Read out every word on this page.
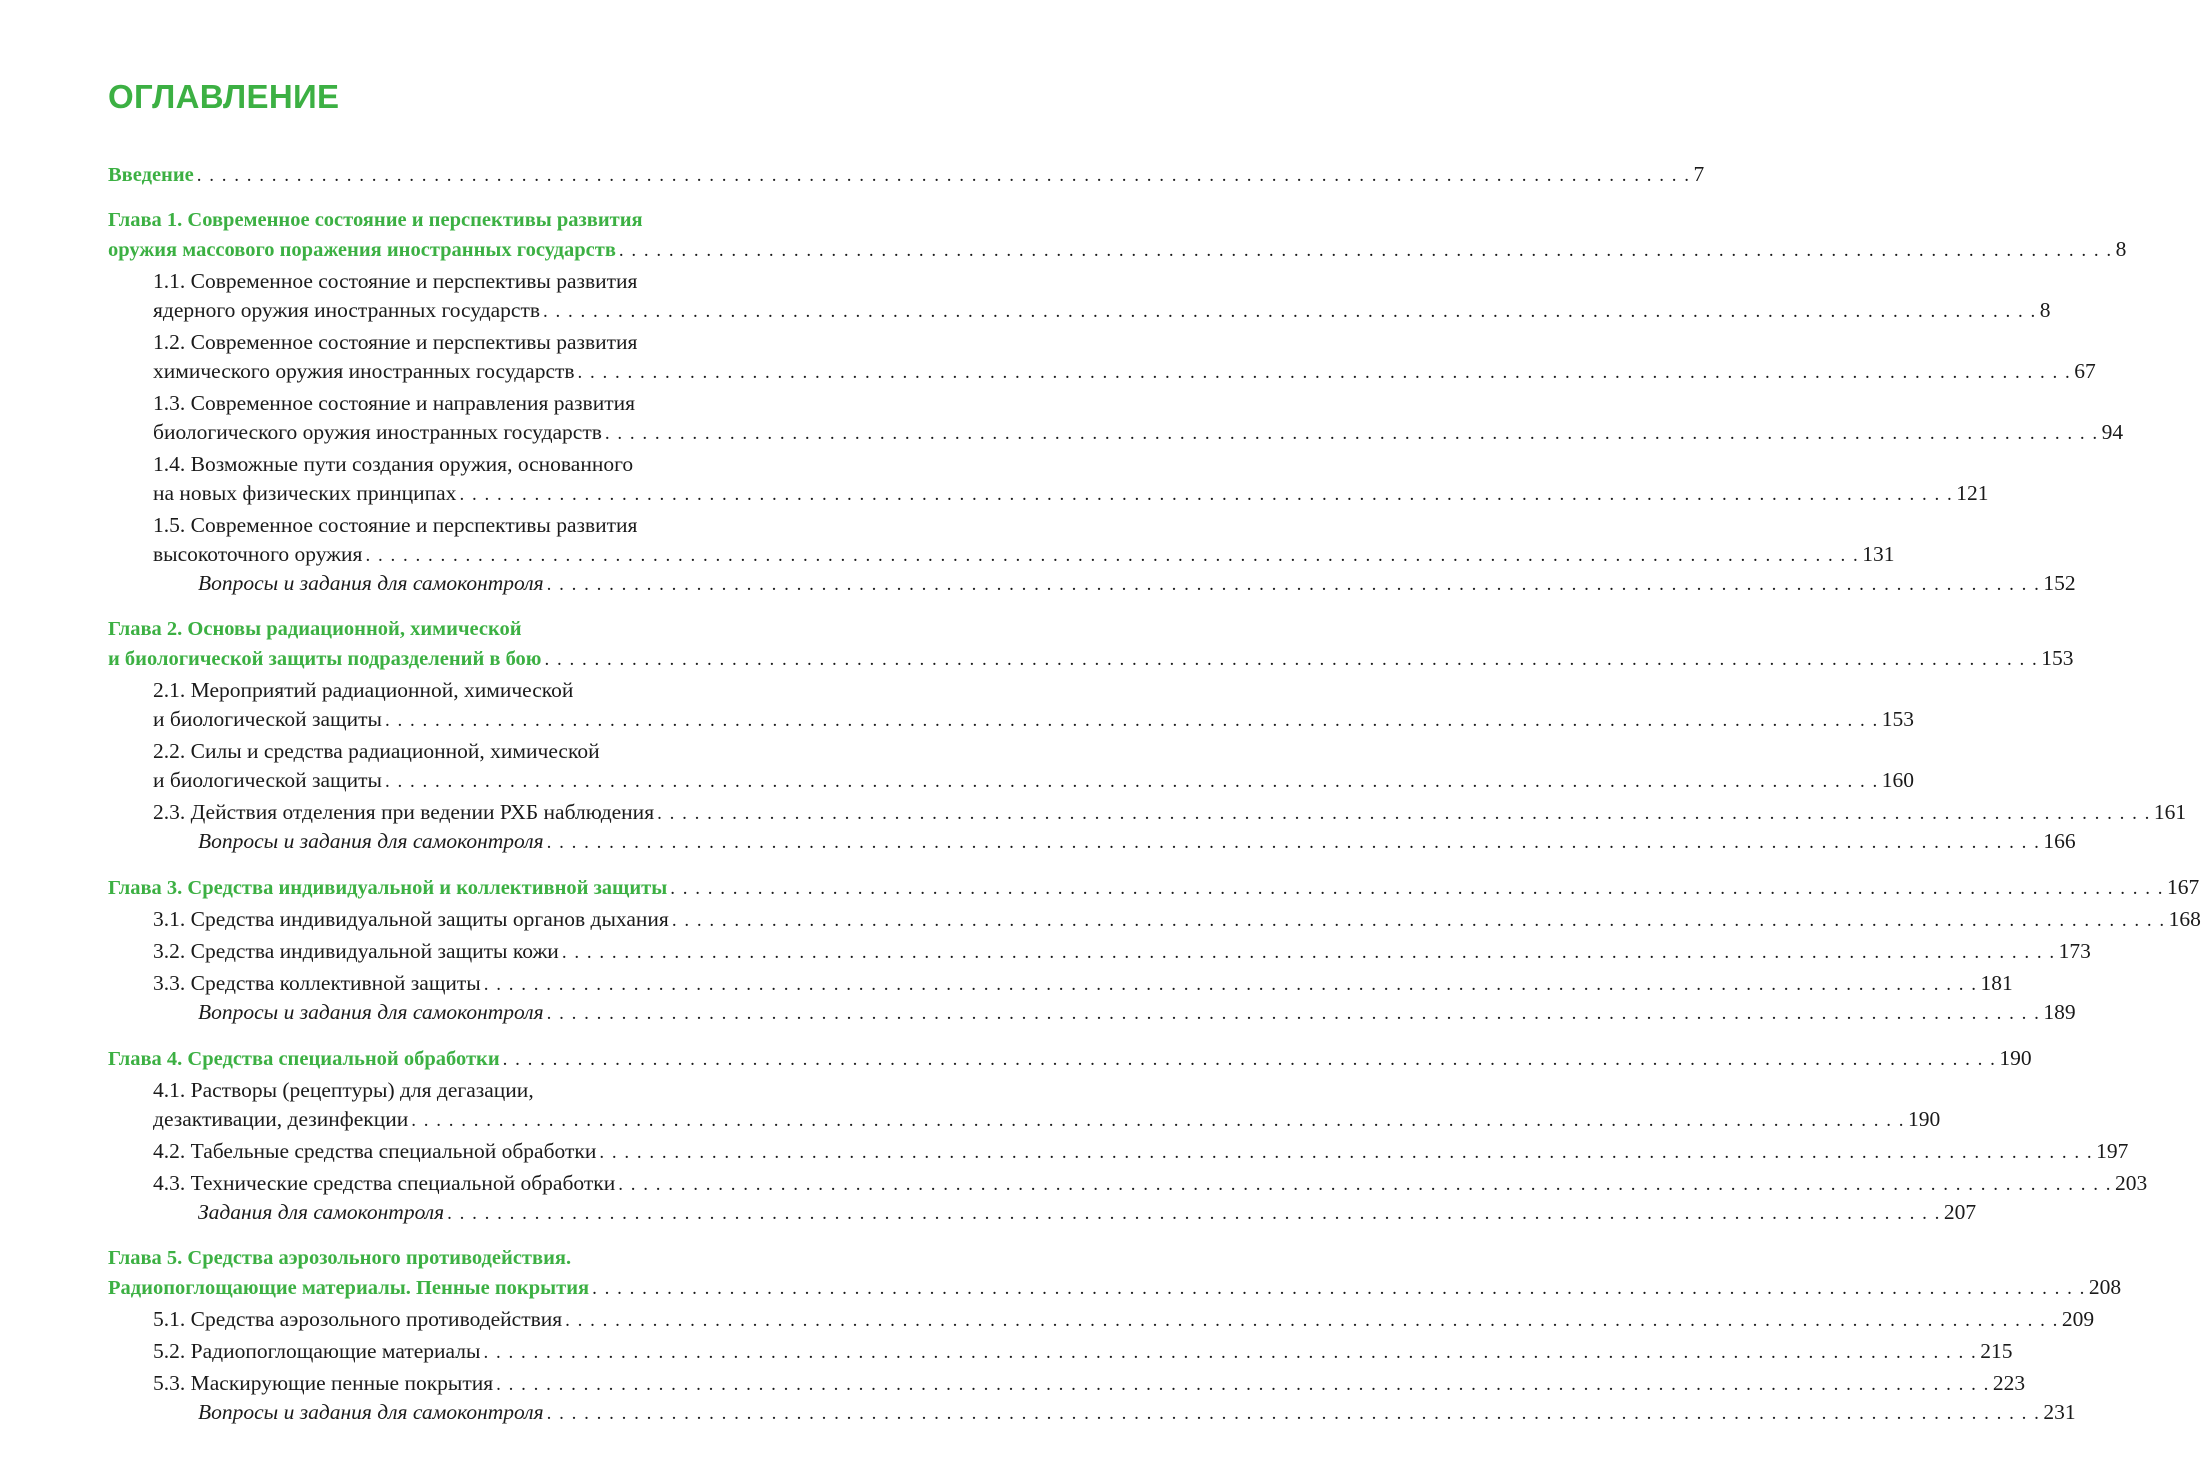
ОГЛАВЛЕНИЕ
Введение . . . . . . . . . . . . . . . . . . . . . . . . . . . . . . . . . . . . . . . . . . . . . . . . . . . . . . . . . . . . . . . . . . . . . . . . . . . . . . . . . . . . . . . . . . . . . . . . . . . . . . . . . . . . . . . . . . . . . . . . 7
Глава 1. Современное состояние и перспективы развития
оружия массового поражения иностранных государств . . . . . . . . . . . . . . . . . . . . . . . . . . . . . . . . . . . . . . . . . . . . . . . . . . . . . . . . . . . . . . . . . . . . . . . . . . . . . . . . . . . . . . . . . . . . . . . . . . . . . . . . . . . . . . . . . . . . . . . . 8
1.1. Современное состояние и перспективы развития
ядерного оружия иностранных государств . . . . . . . . . . . . . . . . . . . . . . . . . . . . . . . . . . . . . . . . . . . . . . . . . . . . . . . . . . . . . . . . . . . . . . . . . . . . . . . . . . . . . . . . . . . . . . . . . . . . . . . . . . . . . . . . . . . . . . . . 8
1.2. Современное состояние и перспективы развития
химического оружия иностранных государств . . . . . . . . . . . . . . . . . . . . . . . . . . . . . . . . . . . . . . . . . . . . . . . . . . . . . . . . . . . . . . . . . . . . . . . . . . . . . . . . . . . . . . . . . . . . . . . . . . . . . . . . . . . . . . . . . . . . . . . . 67
1.3. Современное состояние и направления развития
биологического оружия иностранных государств . . . . . . . . . . . . . . . . . . . . . . . . . . . . . . . . . . . . . . . . . . . . . . . . . . . . . . . . . . . . . . . . . . . . . . . . . . . . . . . . . . . . . . . . . . . . . . . . . . . . . . . . . . . . . . . . . . . . . . . . 94
1.4. Возможные пути создания оружия, основанного
на новых физических принципах . . . . . . . . . . . . . . . . . . . . . . . . . . . . . . . . . . . . . . . . . . . . . . . . . . . . . . . . . . . . . . . . . . . . . . . . . . . . . . . . . . . . . . . . . . . . . . . . . . . . . . . . . . . . . . . . . . . . . . . . 121
1.5. Современное состояние и перспективы развития
высокоточного оружия . . . . . . . . . . . . . . . . . . . . . . . . . . . . . . . . . . . . . . . . . . . . . . . . . . . . . . . . . . . . . . . . . . . . . . . . . . . . . . . . . . . . . . . . . . . . . . . . . . . . . . . . . . . . . . . . . . . . . . . . 131
Вопросы и задания для самоконтроля . . . . . . . . . . . . . . . . . . . . . . . . . . . . . . . . . . . . . . . . . . . . . . . . . . . . . . . . . . . . . . . . . . . . . . . . . . . . . . . . . . . . . . . . . . . . . . . . . . . . . . . . . . . . . . . . . . . . . . . . 152
Глава 2. Основы радиационной, химической
и биологической защиты подразделений в бою . . . . . . . . . . . . . . . . . . . . . . . . . . . . . . . . . . . . . . . . . . . . . . . . . . . . . . . . . . . . . . . . . . . . . . . . . . . . . . . . . . . . . . . . . . . . . . . . . . . . . . . . . . . . . . . . . . . . . . . . 153
2.1. Мероприятий радиационной, химической
и биологической защиты . . . . . . . . . . . . . . . . . . . . . . . . . . . . . . . . . . . . . . . . . . . . . . . . . . . . . . . . . . . . . . . . . . . . . . . . . . . . . . . . . . . . . . . . . . . . . . . . . . . . . . . . . . . . . . . . . . . . . . . . 153
2.2. Силы и средства радиационной, химической
и биологической защиты . . . . . . . . . . . . . . . . . . . . . . . . . . . . . . . . . . . . . . . . . . . . . . . . . . . . . . . . . . . . . . . . . . . . . . . . . . . . . . . . . . . . . . . . . . . . . . . . . . . . . . . . . . . . . . . . . . . . . . . . 160
2.3. Действия отделения при ведении РХБ наблюдения . . . . . . . . . . . . . . . . . . . . . . . . . . . . . . . . . . . . . . . . . . . . . . . . . . . . . . . . . . . . . . . . . . . . . . . . . . . . . . . . . . . . . . . . . . . . . . . . . . . . . . . . . . . . . . . . . . . . . . . . 161
Вопросы и задания для самоконтроля . . . . . . . . . . . . . . . . . . . . . . . . . . . . . . . . . . . . . . . . . . . . . . . . . . . . . . . . . . . . . . . . . . . . . . . . . . . . . . . . . . . . . . . . . . . . . . . . . . . . . . . . . . . . . . . . . . . . . . . . 166
Глава 3. Средства индивидуальной и коллективной защиты . . . . . . . . . . . . . . . . . . . . . . . . . . . . . . . . . . . . . . . . . . . . . . . . . . . . . . . . . . . . . . . . . . . . . . . . . . . . . . . . . . . . . . . . . . . . . . . . . . . . . . . . . . . . . . . . . . . . . . . . 167
3.1. Средства индивидуальной защиты органов дыхания . . . . . . . . . . . . . . . . . . . . . . . . . . . . . . . . . . . . . . . . . . . . . . . . . . . . . . . . . . . . . . . . . . . . . . . . . . . . . . . . . . . . . . . . . . . . . . . . . . . . . . . . . . . . . . . . . . . . . . . . 168
3.2. Средства индивидуальной защиты кожи . . . . . . . . . . . . . . . . . . . . . . . . . . . . . . . . . . . . . . . . . . . . . . . . . . . . . . . . . . . . . . . . . . . . . . . . . . . . . . . . . . . . . . . . . . . . . . . . . . . . . . . . . . . . . . . . . . . . . . . . 173
3.3. Средства коллективной защиты . . . . . . . . . . . . . . . . . . . . . . . . . . . . . . . . . . . . . . . . . . . . . . . . . . . . . . . . . . . . . . . . . . . . . . . . . . . . . . . . . . . . . . . . . . . . . . . . . . . . . . . . . . . . . . . . . . . . . . . . 181
Вопросы и задания для самоконтроля . . . . . . . . . . . . . . . . . . . . . . . . . . . . . . . . . . . . . . . . . . . . . . . . . . . . . . . . . . . . . . . . . . . . . . . . . . . . . . . . . . . . . . . . . . . . . . . . . . . . . . . . . . . . . . . . . . . . . . . . 189
Глава 4. Средства специальной обработки . . . . . . . . . . . . . . . . . . . . . . . . . . . . . . . . . . . . . . . . . . . . . . . . . . . . . . . . . . . . . . . . . . . . . . . . . . . . . . . . . . . . . . . . . . . . . . . . . . . . . . . . . . . . . . . . . . . . . . . . 190
4.1. Растворы (рецептуры) для дегазации,
дезактивации, дезинфекции . . . . . . . . . . . . . . . . . . . . . . . . . . . . . . . . . . . . . . . . . . . . . . . . . . . . . . . . . . . . . . . . . . . . . . . . . . . . . . . . . . . . . . . . . . . . . . . . . . . . . . . . . . . . . . . . . . . . . . . . 190
4.2. Табельные средства специальной обработки . . . . . . . . . . . . . . . . . . . . . . . . . . . . . . . . . . . . . . . . . . . . . . . . . . . . . . . . . . . . . . . . . . . . . . . . . . . . . . . . . . . . . . . . . . . . . . . . . . . . . . . . . . . . . . . . . . . . . . . . 197
4.3. Технические средства специальной обработки . . . . . . . . . . . . . . . . . . . . . . . . . . . . . . . . . . . . . . . . . . . . . . . . . . . . . . . . . . . . . . . . . . . . . . . . . . . . . . . . . . . . . . . . . . . . . . . . . . . . . . . . . . . . . . . . . . . . . . . . 203
Задания для самоконтроля . . . . . . . . . . . . . . . . . . . . . . . . . . . . . . . . . . . . . . . . . . . . . . . . . . . . . . . . . . . . . . . . . . . . . . . . . . . . . . . . . . . . . . . . . . . . . . . . . . . . . . . . . . . . . . . . . . . . . . . . 207
Глава 5. Средства аэрозольного противодействия.
Радиопоглощающие материалы. Пенные покрытия . . . . . . . . . . . . . . . . . . . . . . . . . . . . . . . . . . . . . . . . . . . . . . . . . . . . . . . . . . . . . . . . . . . . . . . . . . . . . . . . . . . . . . . . . . . . . . . . . . . . . . . . . . . . . . . . . . . . . . . . 208
5.1. Средства аэрозольного противодействия . . . . . . . . . . . . . . . . . . . . . . . . . . . . . . . . . . . . . . . . . . . . . . . . . . . . . . . . . . . . . . . . . . . . . . . . . . . . . . . . . . . . . . . . . . . . . . . . . . . . . . . . . . . . . . . . . . . . . . . . 209
5.2. Радиопоглощающие материалы . . . . . . . . . . . . . . . . . . . . . . . . . . . . . . . . . . . . . . . . . . . . . . . . . . . . . . . . . . . . . . . . . . . . . . . . . . . . . . . . . . . . . . . . . . . . . . . . . . . . . . . . . . . . . . . . . . . . . . . . 215
5.3. Маскирующие пенные покрытия . . . . . . . . . . . . . . . . . . . . . . . . . . . . . . . . . . . . . . . . . . . . . . . . . . . . . . . . . . . . . . . . . . . . . . . . . . . . . . . . . . . . . . . . . . . . . . . . . . . . . . . . . . . . . . . . . . . . . . . . 223
Вопросы и задания для самоконтроля . . . . . . . . . . . . . . . . . . . . . . . . . . . . . . . . . . . . . . . . . . . . . . . . . . . . . . . . . . . . . . . . . . . . . . . . . . . . . . . . . . . . . . . . . . . . . . . . . . . . . . . . . . . . . . . . . . . . . . . . 231
